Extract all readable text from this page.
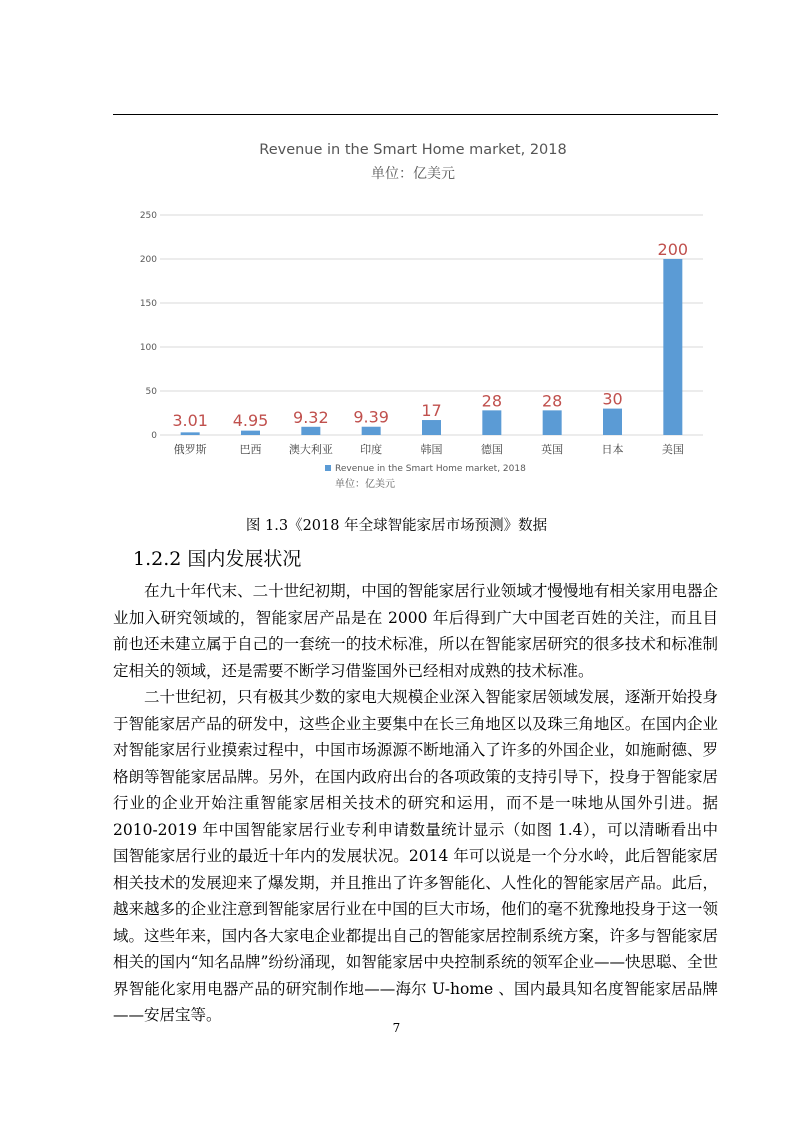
Revenue in the Smart Home market, 2018
单位：亿美元
250
200
150
100
50
0
3.01
俄罗斯
4.95
巴西
9.32
澳大利亚
9.39
印度
17
韩国
28
德国
28
英国
30
日本
200
美国
Revenue in the Smart Home market, 2018
单位：亿美元
图 1.3《2018 年全球智能家居市场预测》数据
1.2.2 国内发展状况

在九十年代末、二十世纪初期，中国的智能家居行业领域才慢慢地有相关家用电器企业加入研究领域的，智能家居产品是在 2000 年后得到广大中国老百姓的关注，而且目前也还未建立属于自己的一套统一的技术标准，所以在智能家居研究的很多技术和标准制定相关的领域，还是需要不断学习借鉴国外已经相对成熟的技术标准。

二十世纪初，只有极其少数的家电大规模企业深入智能家居领域发展，逐渐开始投身于智能家居产品的研发中，这些企业主要集中在长三角地区以及珠三角地区。在国内企业对智能家居行业摸索过程中，中国市场源源不断地涌入了许多的外国企业，如施耐德、罗格朗等智能家居品牌。另外，在国内政府出台的各项政策的支持引导下，投身于智能家居行业的企业开始注重智能家居相关技术的研究和运用，而不是一味地从国外引进。据 2010-2019 年中国智能家居行业专利申请数量统计显示（如图 1.4），可以清晰看出中国智能家居行业的最近十年内的发展状况。2014 年可以说是一个分水岭，此后智能家居相关技术的发展迎来了爆发期，并且推出了许多智能化、人性化的智能家居产品。此后，越来越多的企业注意到智能家居行业在中国的巨大市场，他们的毫不犹豫地投身于这一领域。这些年来，国内各大家电企业都提出自己的智能家居控制系统方案，许多与智能家居相关的国内“知名品牌”纷纷涌现，如智能家居中央控制系统的领军企业——快思聪、全世界智能化家用电器产品的研究制作地——海尔 U-home 、国内最具知名度智能家居品牌——安居宝等。

7
